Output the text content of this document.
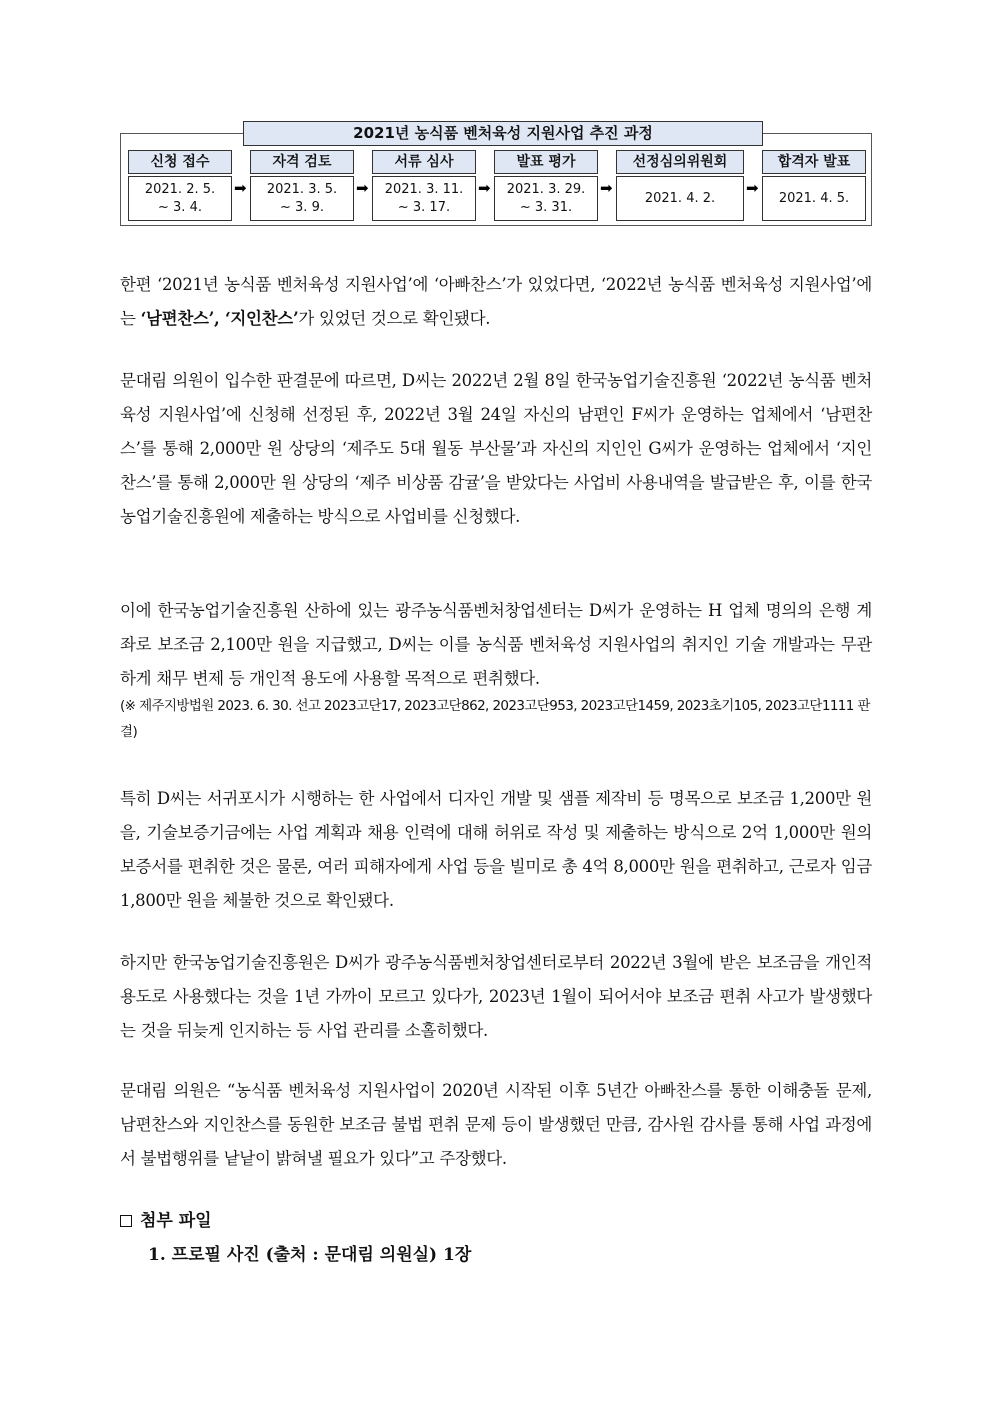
2021년 농식품 벤처육성 지원사업 추진 과정
신청 접수
2021. 2. 5.
~ 3. 4.
➡
자격 검토
2021. 3. 5.
~ 3. 9.
➡
서류 심사
2021. 3. 11.
~ 3. 17.
➡
발표 평가
2021. 3. 29.
~ 3. 31.
➡
선정심의위원회
2021. 4. 2.
➡
합격자 발표
2021. 4. 5.
한편 ‘2021년 농식품 벤처육성 지원사업’에 ‘아빠찬스’가 있었다면, ‘2022년 농식품 벤처육성 지원사업’에는 ‘남편찬스’, ‘지인찬스’가 있었던 것으로 확인됐다.
문대림 의원이 입수한 판결문에 따르면, D씨는 2022년 2월 8일 한국농업기술진흥원 ‘2022년 농식품 벤처육성 지원사업’에 신청해 선정된 후, 2022년 3월 24일 자신의 남편인 F씨가 운영하는 업체에서 ‘남편찬스’를 통해 2,000만 원 상당의 ‘제주도 5대 월동 부산물’과 자신의 지인인 G씨가 운영하는 업체에서 ‘지인찬스’를 통해 2,000만 원 상당의 ‘제주 비상품 감귤’을 받았다는 사업비 사용내역을 발급받은 후, 이를 한국농업기술진흥원에 제출하는 방식으로 사업비를 신청했다.
이에 한국농업기술진흥원 산하에 있는 광주농식품벤처창업센터는 D씨가 운영하는 H 업체 명의의 은행 계좌로 보조금 2,100만 원을 지급했고, D씨는 이를 농식품 벤처육성 지원사업의 취지인 기술 개발과는 무관하게 채무 변제 등 개인적 용도에 사용할 목적으로 편취했다.
(※ 제주지방법원 2023. 6. 30. 선고 2023고단17, 2023고단862, 2023고단953, 2023고단1459, 2023초기105, 2023고단1111 판결)
특히 D씨는 서귀포시가 시행하는 한 사업에서 디자인 개발 및 샘플 제작비 등 명목으로 보조금 1,200만 원을, 기술보증기금에는 사업 계획과 채용 인력에 대해 허위로 작성 및 제출하는 방식으로 2억 1,000만 원의 보증서를 편취한 것은 물론, 여러 피해자에게 사업 등을 빌미로 총 4억 8,000만 원을 편취하고, 근로자 임금 1,800만 원을 체불한 것으로 확인됐다.
하지만 한국농업기술진흥원은 D씨가 광주농식품벤처창업센터로부터 2022년 3월에 받은 보조금을 개인적 용도로 사용했다는 것을 1년 가까이 모르고 있다가, 2023년 1월이 되어서야 보조금 편취 사고가 발생했다는 것을 뒤늦게 인지하는 등 사업 관리를 소홀히했다.
문대림 의원은 “농식품 벤처육성 지원사업이 2020년 시작된 이후 5년간 아빠찬스를 통한 이해충돌 문제, 남편찬스와 지인찬스를 동원한 보조금 불법 편취 문제 등이 발생했던 만큼, 감사원 감사를 통해 사업 과정에서 불법행위를 낱낱이 밝혀낼 필요가 있다”고 주장했다.
첨부 파일
1. 프로필 사진 (출처 : 문대림 의원실) 1장
